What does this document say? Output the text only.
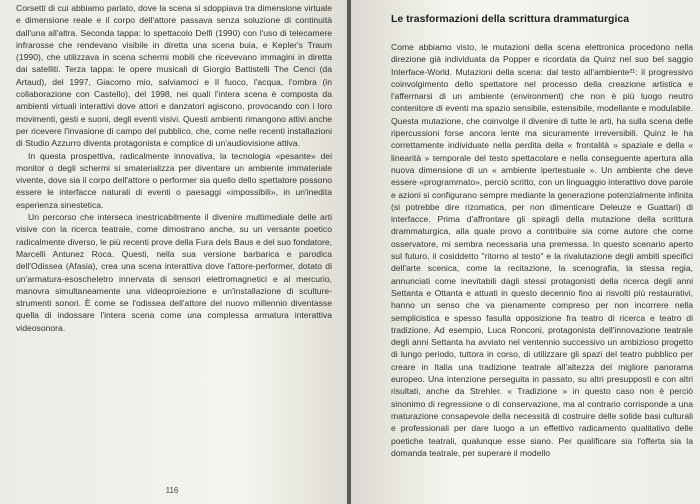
Corsetti di cui abbiamo parlato, dove la scena si sdoppiava tra dimensione virtuale e dimensione reale e il corpo dell'attore passava senza soluzione di continuità dall'una all'altra. Seconda tappa: lo spettacolo Delfi (1990) con l'uso di telecamere infrarosse che rendevano visibile in diretta una scena buia, e Kepler's Traum (1990), che utilizzava in scena schermi mobili che ricevevano immagini in diretta dai satelliti. Terza tappa: le opere musicali di Giorgio Battistelli The Cenci (da Artaud), del 1997, Giacomo mio, salviamoci e Il fuoco, l'acqua, l'ombra (in collaborazione con Castello), del 1998, nei quali l'intera scena è composta da ambienti virtuali interattivi dove attori e danzatori agiscono, provocando con i loro movimenti, gesti e suoni, degli eventi visivi. Questi ambienti rimangono attivi anche per ricevere l'invasione di campo del pubblico, che, come nelle recenti installazioni di Studio Azzurro diventa protagonista e complice di un'audiovisione attiva.

In questa prospettiva, radicalmente innovativa, la tecnologia «pesante» dei monitor o degli schermi si smaterializza per diventare un ambiente immateriale vivente, dove sia il corpo dell'attore o performer sia quello dello spettatore possono essere le interfacce naturali di eventi o paesaggi «impossibili», in un'inedita esperienza sinestetica.

Un percorso che interseca inestricabilmente il divenire multimediale delle arti visive con la ricerca teatrale, come dimostrano anche, su un versante poetico radicalmente diverso, le più recenti prove della Fura dels Baus e del suo fondatore, Marcelli Antunez Roca. Questi, nella sua versione barbarica e parodica dell'Odissea (Afasia), crea una scena interattiva dove l'attore-performer, dotato di un'armatura-esoscheletro innervata di sensori elettromagnetici e al mercurio, manovra simultaneamente una videoproiezione e un'installazione di sculture-strumenti sonori. È come se l'odissea dell'attore del nuovo millennio diventasse quella di indossare l'intera scena come una complessa armatura interattiva videosonora.

116
Le trasformazioni della scrittura drammaturgica

Come abbiamo visto, le mutazioni della scena elettronica procedono nella direzione già individuata da Popper e ricordata da Quinz nel suo bel saggio Interface-World. Mutazioni della scena: dal testo all'ambiente²¹: il progressivo coinvolgimento dello spettatore nel processo della creazione artistica e l'affermarsi di un ambiente (environment) che non è più luogo neutro contenitore di eventi ma spazio sensibile, estensibile, modellante e modulabile. Questa mutazione, che coinvolge il divenire di tutte le arti, ha sulla scena delle ripercussioni forse ancora lente ma sicuramente irreversibili. Quinz le ha correttamente individuate nella perdita della « frontalità » spaziale e della « linearità » temporale del testo spettacolare e nella conseguente apertura alla nuova dimensione di un « ambiente ipertestuale ». Un ambiente che deve essere «programmato», perciò scritto, con un linguaggio interattivo dove parole e azioni si configurano sempre mediante la generazione potenzialmente infinita (si potrebbe dire rizomatica, per non dimenticare Deleuze e Guattari) di interfacce. Prima d'affrontare gli spiragli della mutazione della scrittura drammaturgica, alla quale provo a contribuire sia come autore che come osservatore, mi sembra necessaria una premessa. In questo scenario aperto sul futuro, il cosiddetto "ritorno al testo" e la rivalutazione degli ambiti specifici dell'arte scenica, come la recitazione, la scenografia, la stessa regia, annunciati come inevitabili dagli stessi protagonisti della ricerca degli anni Settanta e Ottanta e attuati in questo decennio fino ai risvolti più restaurativi, hanno un senso che va pienamente compreso per non incorrere nella semplicistica e spesso fasulla opposizione fra teatro di ricerca e teatro di tradizione. Ad esempio, Luca Ronconi, protagonista dell'innovazione teatrale degli anni Settanta ha avviato nel ventennio successivo un ambizioso progetto di lungo periodo, tuttora in corso, di utilizzare gli spazi del teatro pubblico per creare in Italia una tradizione teatrale all'altezza del migliore panorama europeo. Una intenzione perseguita in passato, su altri presupposti e con altri risultati, anche da Strehler. « Tradizione » in questo caso non è perciò sinonimo di regressione o di conservazione, ma al contrario corrisponde a una maturazione consapevole della necessità di costruire delle solide basi culturali e professionali per dare luogo a un effettivo radicamento qualitativo delle poetiche teatrali, qualunque esse siano. Per qualificare sia l'offerta sia la domanda teatrale, per superare il modello
